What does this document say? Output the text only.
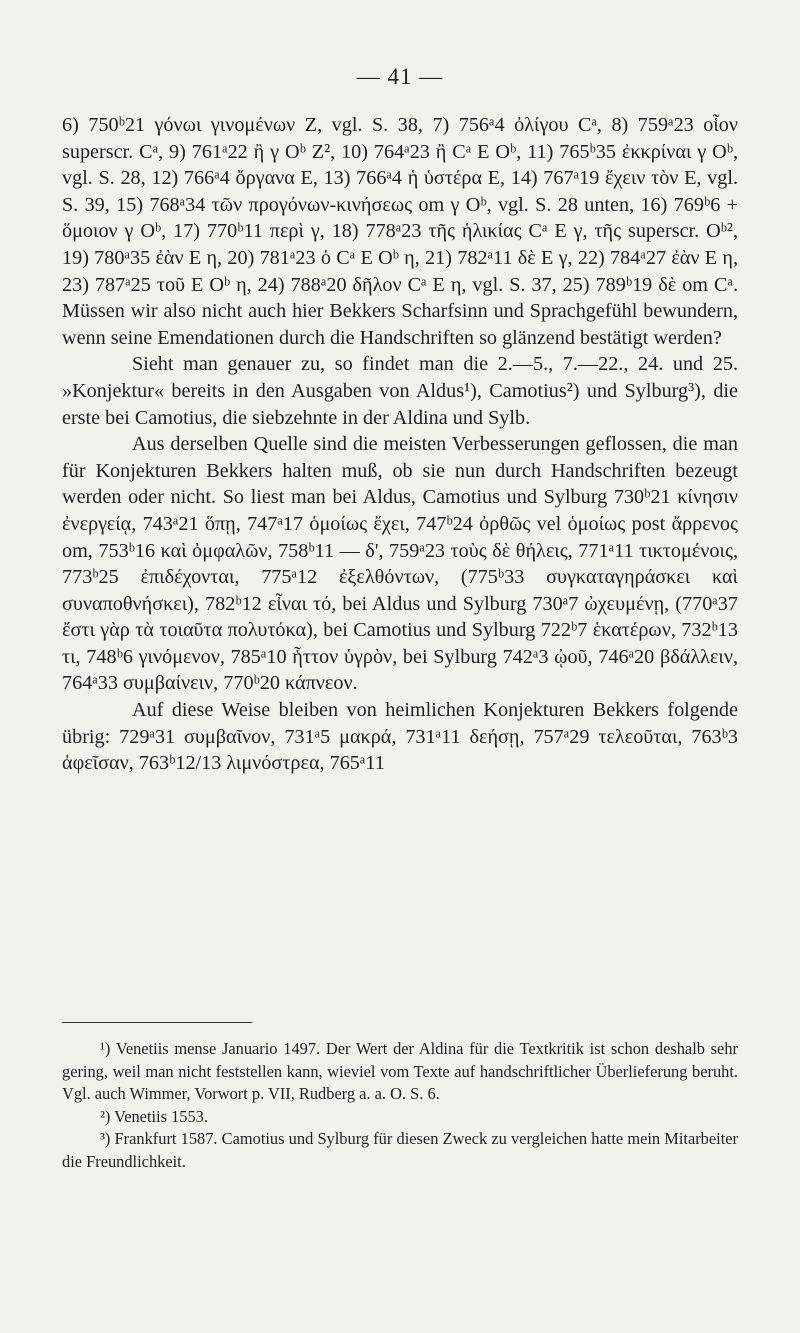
— 41 —

6) 750ᵇ21 γόνωι γινομένων Z, vgl. S. 38, 7) 756ᵃ4 ὀλίγου Cᵃ, 8) 759ᵃ23 οἷον superscr. Cᵃ, 9) 761ᵃ22 ἢ γ Oᵇ Z², 10) 764ᵃ23 ἢ Cᵃ E Oᵇ, 11) 765ᵇ35 ἐκκρίναι γ Oᵇ, vgl. S. 28, 12) 766ᵃ4 ὄργανα E, 13) 766ᵃ4 ἡ ὑστέρα E, 14) 767ᵃ19 ἔχειν τὸν E, vgl. S. 39, 15) 768ᵃ34 τῶν προγόνων-κινήσεως om γ Oᵇ, vgl. S. 28 unten, 16) 769ᵇ6 + ὅμοιον γ Oᵇ, 17) 770ᵇ11 περὶ γ, 18) 778ᵃ23 τῆς ἡλικίας Cᵃ E γ, τῆς superscr. Oᵇ², 19) 780ᵃ35 ἐὰν E η, 20) 781ᵃ23 ὁ Cᵃ E Oᵇ η, 21) 782ᵃ11 δὲ E γ, 22) 784ᵃ27 ἐὰν E η, 23) 787ᵃ25 τοῦ E Oᵇ η, 24) 788ᵃ20 δῆλον Cᵃ E η, vgl. S. 37, 25) 789ᵇ19 δὲ om Cᵃ. Müssen wir also nicht auch hier Bekkers Scharfsinn und Sprachgefühl bewundern, wenn seine Emendationen durch die Handschriften so glänzend bestätigt werden?

Sieht man genauer zu, so findet man die 2.—5., 7.—22., 24. und 25. »Konjektur« bereits in den Ausgaben von Aldus¹), Camotius²) und Sylburg³), die erste bei Camotius, die siebzehnte in der Aldina und Sylb.

Aus derselben Quelle sind die meisten Verbesserungen geflossen, die man für Konjekturen Bekkers halten muß, ob sie nun durch Handschriften bezeugt werden oder nicht. So liest man bei Aldus, Camotius und Sylburg 730ᵇ21 κίνησιν ἐνεργείᾳ, 743ᵃ21 ὅπῃ, 747ᵃ17 ὁμοίως ἔχει, 747ᵇ24 ὀρθῶς vel ὁμοίως post ἄρρενος om, 753ᵇ16 καὶ ὀμφαλῶν, 758ᵇ11 — δ', 759ᵃ23 τοὺς δὲ θήλεις, 771ᵃ11 τικτομένοις, 773ᵇ25 ἐπιδέχονται, 775ᵃ12 ἐξελθόντων, (775ᵇ33 συγκαταγηράσκει καὶ συναποθνήσκει), 782ᵇ12 εἶναι τό, bei Aldus und Sylburg 730ᵃ7 ὠχευμένῃ, (770ᵃ37 ἔστι γὰρ τὰ τοιαῦτα πολυτόκα), bei Camotius und Sylburg 722ᵇ7 ἑκατέρων, 732ᵇ13 τι, 748ᵇ6 γινόμενον, 785ᵃ10 ἧττον ὑγρὸν, bei Sylburg 742ᵃ3 ᾠοῦ, 746ᵃ20 βδάλλειν, 764ᵃ33 συμβαίνειν, 770ᵇ20 κάπνεον.

Auf diese Weise bleiben von heimlichen Konjekturen Bekkers folgende übrig: 729ᵃ31 συμβαῖνον, 731ᵃ5 μακρά, 731ᵃ11 δεήσῃ, 757ᵃ29 τελεοῦται, 763ᵇ3 ἀφεῖσαν, 763ᵇ12/13 λιμνόστρεα, 765ᵃ11

¹) Venetiis mense Januario 1497. Der Wert der Aldina für die Textkritik ist schon deshalb sehr gering, weil man nicht feststellen kann, wieviel vom Texte auf handschriftlicher Überlieferung beruht. Vgl. auch Wimmer, Vorwort p. VII, Rudberg a. a. O. S. 6.

²) Venetiis 1553.

³) Frankfurt 1587. Camotius und Sylburg für diesen Zweck zu vergleichen hatte mein Mitarbeiter die Freundlichkeit.
